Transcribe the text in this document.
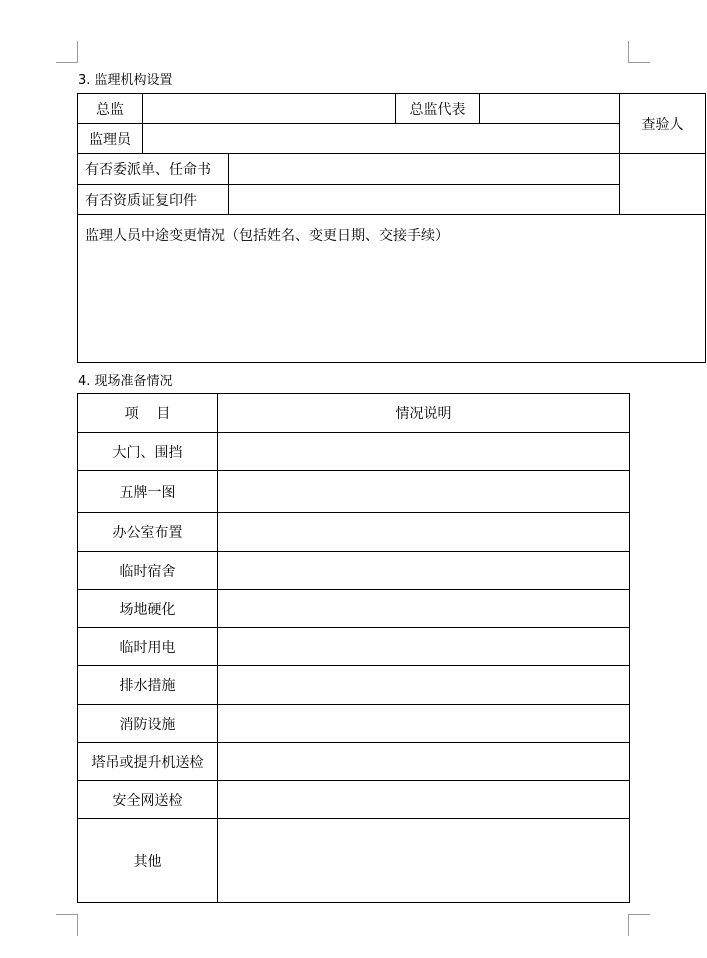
3. 监理机构设置
总监			总监代表		查验人
监理员					
有否委派单、任命书					
有否资质证复印件					
监理人员中途变更情况（包括姓名、变更日期、交接手续）					
4. 现场准备情况
项    目	情况说明
大门、围挡	
五牌一图	
办公室布置	
临时宿舍	
场地硬化	
临时用电	
排水措施	
消防设施	
塔吊或提升机送检	
安全网送检	
其他	
